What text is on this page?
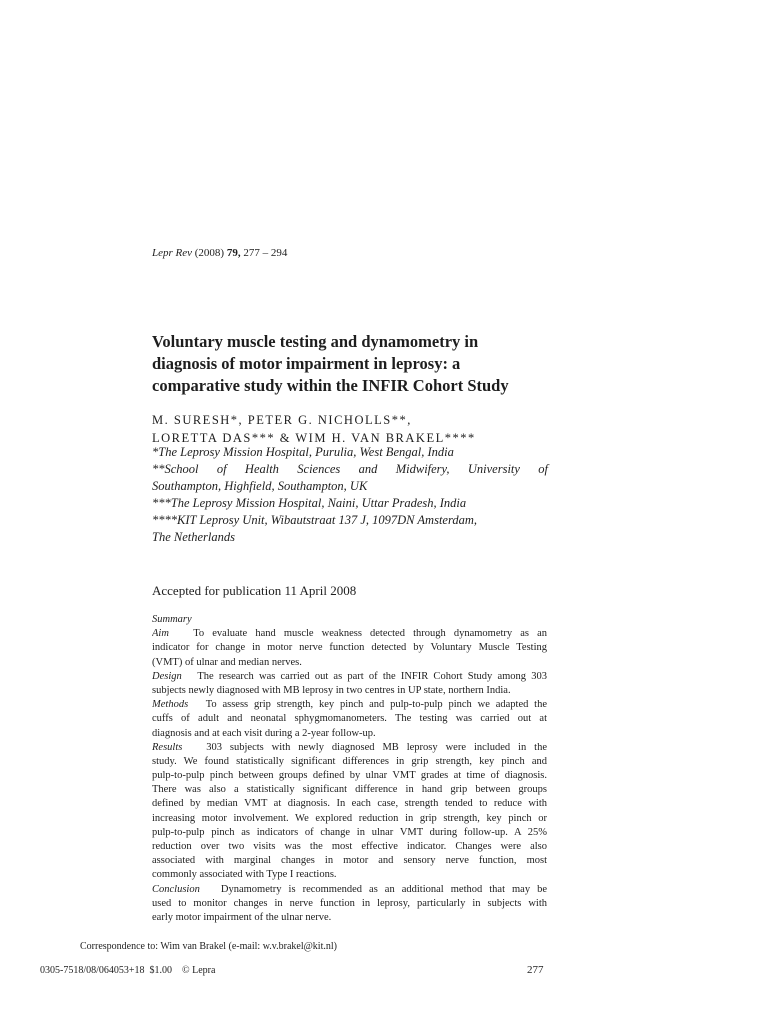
Lepr Rev (2008) 79, 277 – 294
Voluntary muscle testing and dynamometry in
diagnosis of motor impairment in leprosy: a
comparative study within the INFIR Cohort Study
M. SURESH*, PETER G. NICHOLLS**,
LORETTA DAS*** & WIM H. VAN BRAKEL****
*The Leprosy Mission Hospital, Purulia, West Bengal, India
**School of Health Sciences and Midwifery, University of
Southampton, Highfield, Southampton, UK
***The Leprosy Mission Hospital, Naini, Uttar Pradesh, India
****KIT Leprosy Unit, Wibautstraat 137 J, 1097DN Amsterdam,
The Netherlands
Accepted for publication 11 April 2008
Summary
Aim To evaluate hand muscle weakness detected through dynamometry as an
indicator for change in motor nerve function detected by Voluntary Muscle Testing
(VMT) of ulnar and median nerves.
Design The research was carried out as part of the INFIR Cohort Study among 303
subjects newly diagnosed with MB leprosy in two centres in UP state, northern India.
Methods To assess grip strength, key pinch and pulp-to-pulp pinch we adapted the
cuffs of adult and neonatal sphygmomanometers. The testing was carried out at
diagnosis and at each visit during a 2-year follow-up.
Results 303 subjects with newly diagnosed MB leprosy were included in the
study. We found statistically significant differences in grip strength, key pinch and
pulp-to-pulp pinch between groups defined by ulnar VMT grades at time of diagnosis.
There was also a statistically significant difference in hand grip between groups
defined by median VMT at diagnosis. In each case, strength tended to reduce with
increasing motor involvement. We explored reduction in grip strength, key pinch or
pulp-to-pulp pinch as indicators of change in ulnar VMT during follow-up. A 25%
reduction over two visits was the most effective indicator. Changes were also
associated with marginal changes in motor and sensory nerve function, most
commonly associated with Type I reactions.
Conclusion Dynamometry is recommended as an additional method that may be
used to monitor changes in nerve function in leprosy, particularly in subjects with
early motor impairment of the ulnar nerve.
Correspondence to: Wim van Brakel (e-mail: w.v.brakel@kit.nl)
0305-7518/08/064053+18  $1.00    © Lepra	277
